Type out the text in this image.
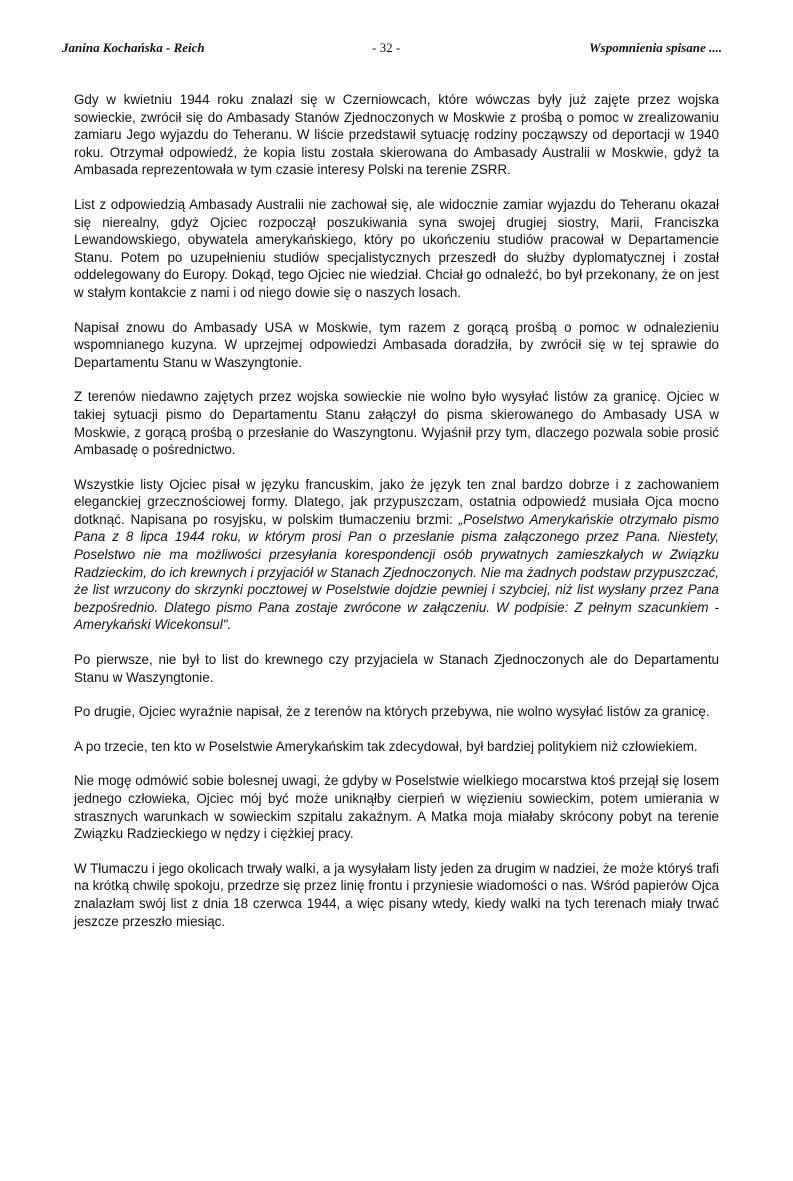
Janina Kochańska - Reich	- 32 -	Wspomnienia spisane ....

Gdy w kwietniu 1944 roku znalazł się w Czerniowcach, które wówczas były już zajęte przez wojska sowieckie, zwrócił się do Ambasady Stanów Zjednoczonych w Moskwie z prośbą o pomoc w zrealizowaniu zamiaru Jego wyjazdu do Teheranu. W liście przedstawił sytuację rodziny począwszy od deportacji w 1940 roku. Otrzymał odpowiedź, że kopia listu została skierowana do Ambasady Australii w Moskwie, gdyż ta Ambasada reprezentowała w tym czasie interesy Polski na terenie ZSRR.

List z odpowiedzią Ambasady Australii nie zachował się, ale widocznie zamiar wyjazdu do Teheranu okazał się nierealny, gdyż Ojciec rozpoczął poszukiwania syna swojej drugiej siostry, Marii, Franciszka Lewandowskiego, obywatela amerykańskiego, który po ukończeniu studiów pracował w Departamencie Stanu. Potem po uzupełnieniu studiów specjalistycznych przeszedł do służby dyplomatycznej i został oddelegowany do Europy. Dokąd, tego Ojciec nie wiedział. Chciał go odnaleźć, bo był przekonany, że on jest w stałym kontakcie z nami i od niego dowie się o naszych losach.

Napisał znowu do Ambasady USA w Moskwie, tym razem z gorącą prośbą o pomoc w odnalezieniu wspomnianego kuzyna. W uprzejmej odpowiedzi Ambasada doradziła, by zwrócił się w tej sprawie do Departamentu Stanu w Waszyngtonie.

Z terenów niedawno zajętych przez wojska sowieckie nie wolno było wysyłać listów za granicę. Ojciec w takiej sytuacji pismo do Departamentu Stanu załączył do pisma skierowanego do Ambasady USA w Moskwie, z gorącą prośbą o przesłanie do Waszyngtonu. Wyjaśnił przy tym, dlaczego pozwala sobie prosić Ambasadę o pośrednictwo.

Wszystkie listy Ojciec pisał w języku francuskim, jako że język ten znal bardzo dobrze i z zachowaniem eleganckiej grzecznościowej formy. Dlatego, jak przypuszczam, ostatnia odpowiedź musiała Ojca mocno dotknąć. Napisana po rosyjsku, w polskim tłumaczeniu brzmi: „Poselstwo Amerykańskie otrzymało pismo Pana z 8 lipca 1944 roku, w którym prosi Pan o przesłanie pisma załączonego przez Pana. Niestety, Poselstwo nie ma możliwości przesyłania korespondencji osób prywatnych zamieszkałych w Związku Radzieckim, do ich krewnych i przyjaciół w Stanach Zjednoczonych. Nie ma żadnych podstaw przypuszczać, że list wrzucony do skrzynki pocztowej w Poselstwie dojdzie pewniej i szybciej, niż list wysłany przez Pana bezpośrednio. Dlatego pismo Pana zostaje zwrócone w załączeniu. W podpisie: Z pełnym szacunkiem - Amerykański Wicekonsul".

Po pierwsze, nie był to list do krewnego czy przyjaciela w Stanach Zjednoczonych ale do Departamentu Stanu w Waszyngtonie.

Po drugie, Ojciec wyraźnie napisał, że z terenów na których przebywa, nie wolno wysyłać listów za granicę.

A po trzecie, ten kto w Poselstwie Amerykańskim tak zdecydował, był bardziej politykiem niż człowiekiem.

Nie mogę odmówić sobie bolesnej uwagi, że gdyby w Poselstwie wielkiego mocarstwa ktoś przejął się losem jednego człowieka, Ojciec mój być może uniknąłby cierpień w więzieniu sowieckim, potem umierania w strasznych warunkach w sowieckim szpitalu zakaźnym. A Matka moja miałaby skrócony pobyt na terenie Związku Radzieckiego w nędzy i ciężkiej pracy.

W Tłumaczu i jego okolicach trwały walki, a ja wysyłałam listy jeden za drugim w nadziei, że może któryś trafi na krótką chwilę spokoju, przedrze się przez linię frontu i przyniesie wiadomości o nas. Wśród papierów Ojca znalazłam swój list z dnia 18 czerwca 1944, a więc pisany wtedy, kiedy walki na tych terenach miały trwać jeszcze przeszło miesiąc.
